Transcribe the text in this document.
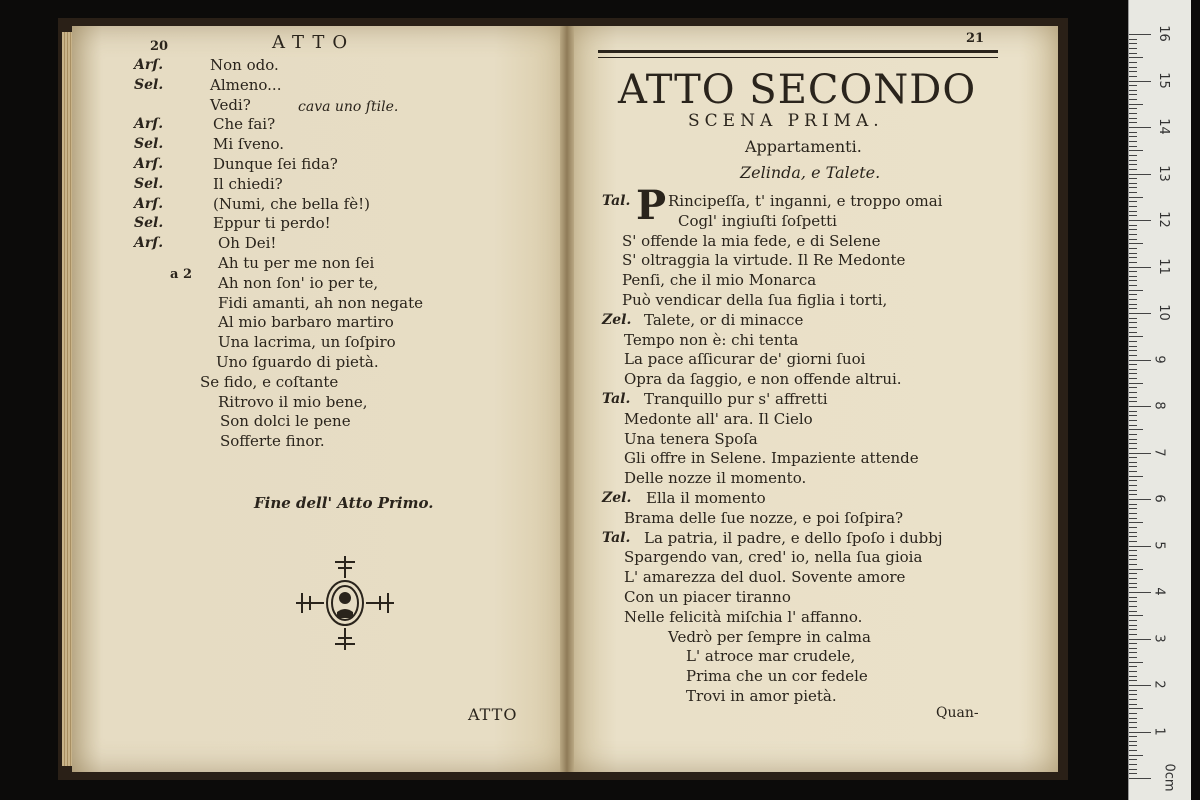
20	ATTO
Arſ.	Non odo.
Sel.	Almeno...
Vedi?	cava uno ſtile.
Arſ.	Che fai?
Sel.	Mi ſveno.
Arſ.	Dunque ſei fida?
Sel.	Il chiedi?
Arſ.	(Numi, che bella fè!)
Sel.	Eppur ti perdo!
Arſ.	Oh Dei!
Ah tu per me non ſei
Ah non ſon' io per te,
a 2
Fidi amanti, ah non negate
Al mio barbaro martiro
Una lacrima, un ſoſpiro
Uno ſguardo di pietà.
Se fido, e coſtante
Ritrovo il mio bene,
Son dolci le pene
Sofferte finor.
Fine dell' Atto Primo.
ATTO
21
ATTO SECONDO
SCENA PRIMA.
Appartamenti.
Zelinda, e Talete.
P
Tal.	Rincipeſſa, t' inganni, e troppo omai
Cogl' ingiuſti ſoſpetti
S' offende la mia fede, e di Selene
S' oltraggia la virtude. Il Re Medonte
Penſi, che il mio Monarca
Può vendicar della ſua figlia i torti,
Zel. Talete, or di minacce
Tempo non è: chi tenta
La pace aſſicurar de' giorni ſuoi
Opra da ſaggio, e non offende altrui.
Tal. Tranquillo pur s' affretti
Medonte all' ara. Il Cielo
Una tenera Spoſa
Gli offre in Selene. Impaziente attende
Delle nozze il momento.
Zel. Ella il momento
Brama delle ſue nozze, e poi ſoſpira?
Tal. La patria, il padre, e dello ſpoſo i dubbj
Spargendo van, cred' io, nella ſua gioia
L' amarezza del duol. Sovente amore
Con un piacer tiranno
Nelle felicità miſchia l' affanno.
Vedrò per ſempre in calma
L' atroce mar crudele,
Prima che un cor fedele
Trovi in amor pietà.
Quan-
0cm
1
2
3
4
5
6
7
8
9
10
11
12
13
14
15
16
